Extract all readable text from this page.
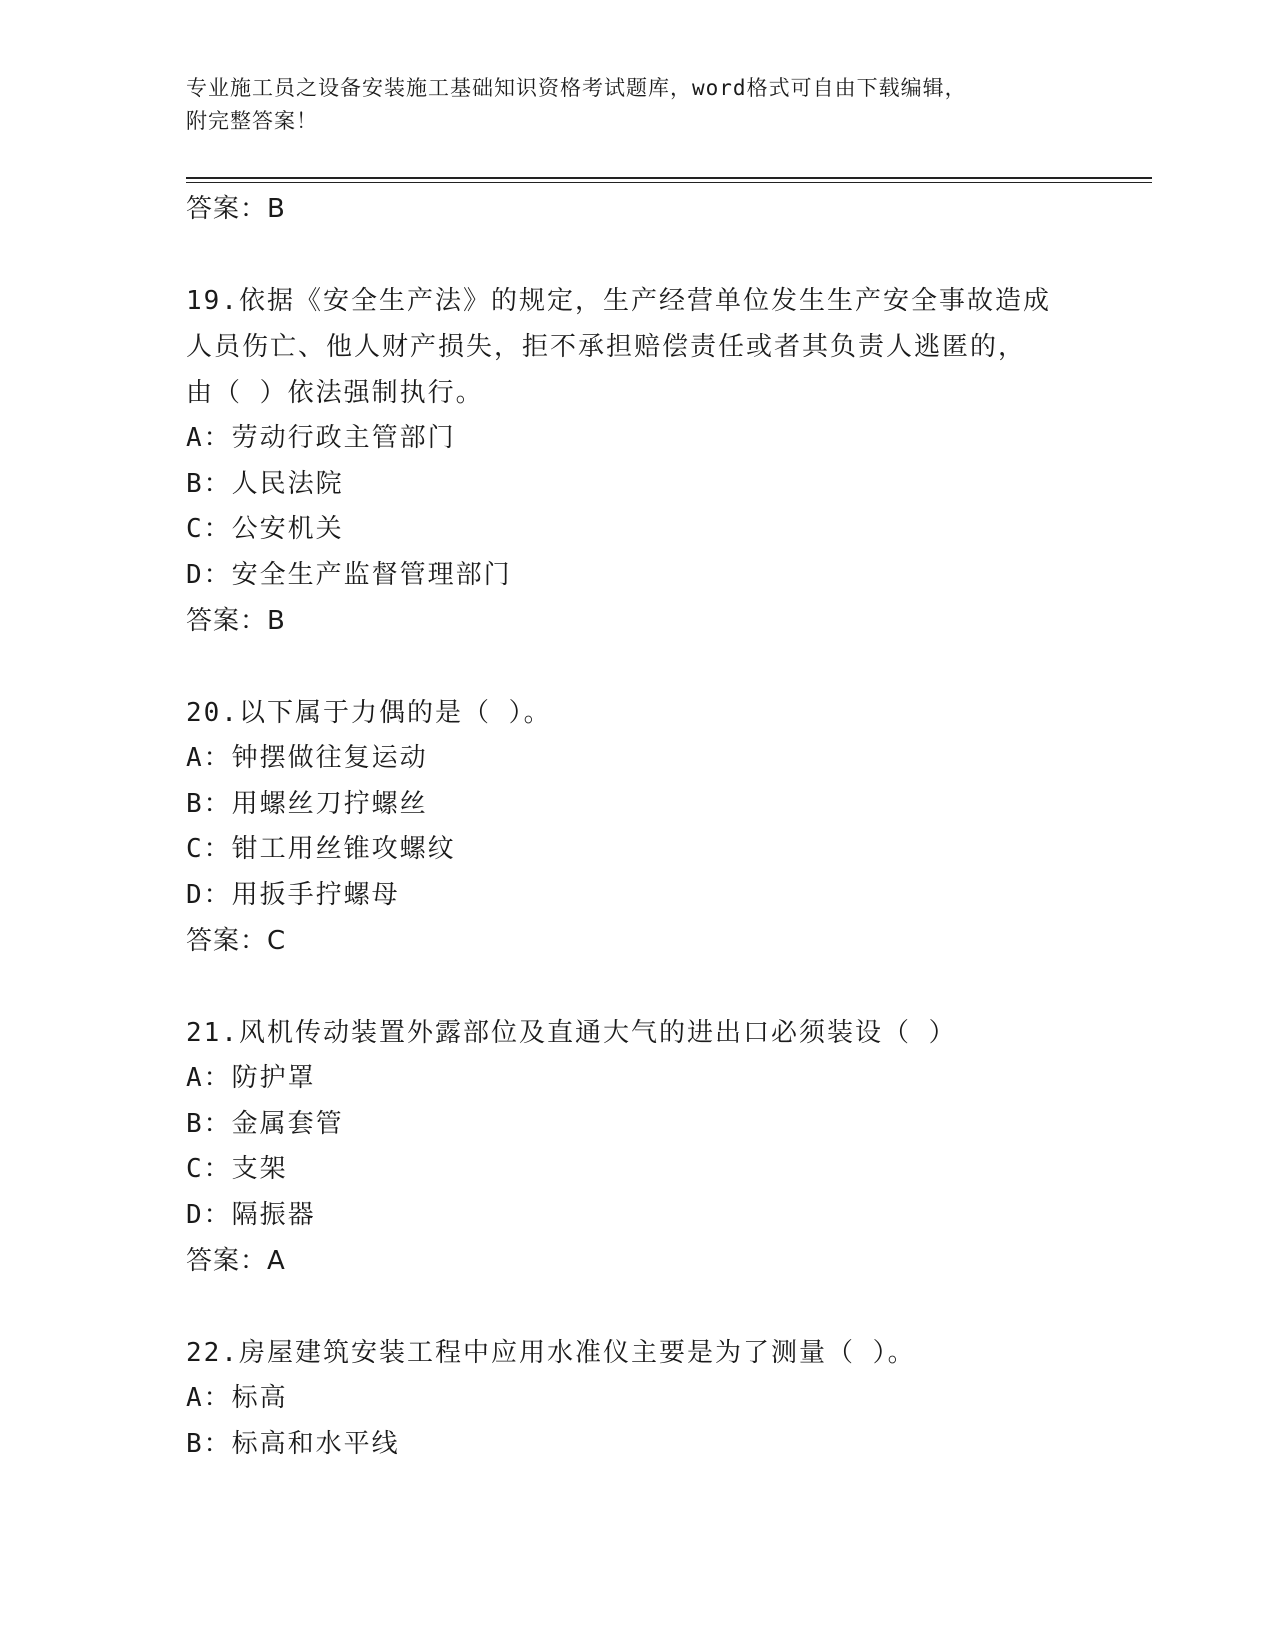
专业施工员之设备安装施工基础知识资格考试题库，word格式可自由下载编辑，
附完整答案！
答案：B
19.依据《安全生产法》的规定，生产经营单位发生生产安全事故造成
人员伤亡、他人财产损失，拒不承担赔偿责任或者其负责人逃匿的，
由（ ）依法强制执行。
A：劳动行政主管部门
B：人民法院
C：公安机关
D：安全生产监督管理部门
答案：B
20.以下属于力偶的是（ ）。
A：钟摆做往复运动
B：用螺丝刀拧螺丝
C：钳工用丝锥攻螺纹
D：用扳手拧螺母
答案：C
21.风机传动装置外露部位及直通大气的进出口必须装设（ ）
A：防护罩
B：金属套管
C：支架
D：隔振器
答案：A
22.房屋建筑安装工程中应用水准仪主要是为了测量（ ）。
A：标高
B：标高和水平线
